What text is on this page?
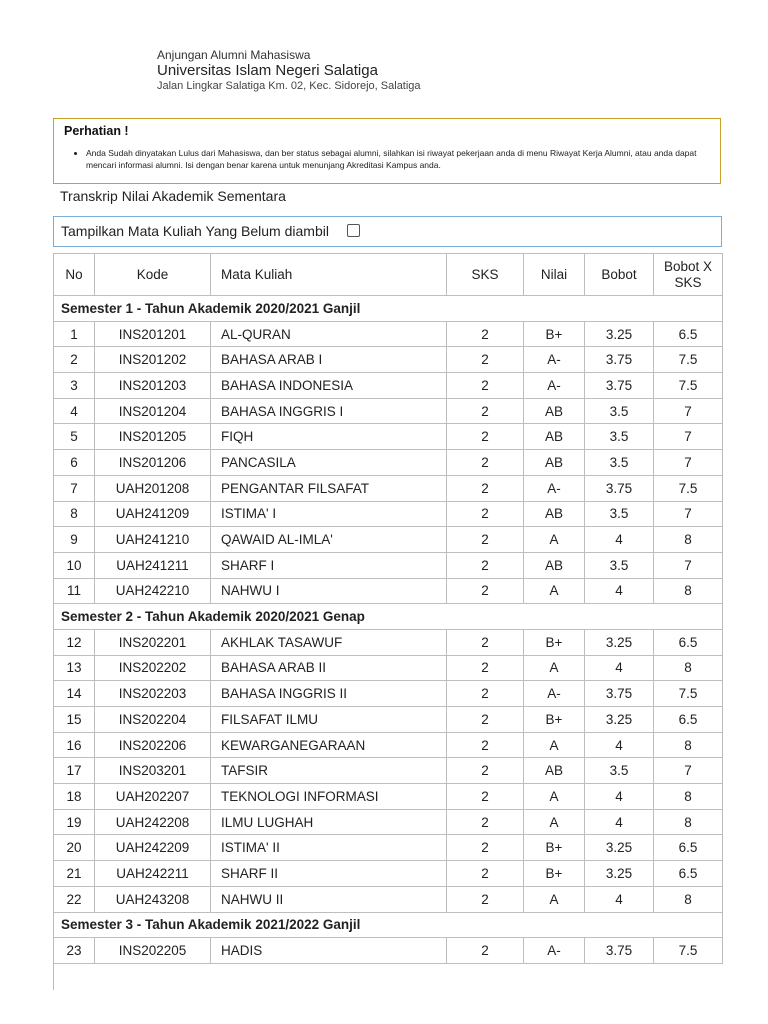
Anjungan Alumni Mahasiswa
Universitas Islam Negeri Salatiga
Jalan Lingkar Salatiga Km. 02, Kec. Sidorejo, Salatiga
Perhatian !
• Anda Sudah dinyatakan Lulus dari Mahasiswa, dan ber status sebagai alumni, silahkan isi riwayat pekerjaan anda di menu Riwayat Kerja Alumni, atau anda dapat mencari informasi alumni. Isi dengan benar karena untuk menunjang Akreditasi Kampus anda.
Transkrip Nilai Akademik Sementara
Tampilkan Mata Kuliah Yang Belum diambil
No	Kode	Mata Kuliah	SKS	Nilai	Bobot	Bobot X SKS
Semester 1 - Tahun Akademik 2020/2021 Ganjil						
1	INS201201	AL-QURAN	2	B+	3.25	6.5
2	INS201202	BAHASA ARAB I	2	A-	3.75	7.5
3	INS201203	BAHASA INDONESIA	2	A-	3.75	7.5
4	INS201204	BAHASA INGGRIS I	2	AB	3.5	7
5	INS201205	FIQH	2	AB	3.5	7
6	INS201206	PANCASILA	2	AB	3.5	7
7	UAH201208	PENGANTAR FILSAFAT	2	A-	3.75	7.5
8	UAH241209	ISTIMA' I	2	AB	3.5	7
9	UAH241210	QAWAID AL-IMLA'	2	A	4	8
10	UAH241211	SHARF I	2	AB	3.5	7
11	UAH242210	NAHWU I	2	A	4	8
Semester 2 - Tahun Akademik 2020/2021 Genap						
12	INS202201	AKHLAK TASAWUF	2	B+	3.25	6.5
13	INS202202	BAHASA ARAB II	2	A	4	8
14	INS202203	BAHASA INGGRIS II	2	A-	3.75	7.5
15	INS202204	FILSAFAT ILMU	2	B+	3.25	6.5
16	INS202206	KEWARGANEGARAAN	2	A	4	8
17	INS203201	TAFSIR	2	AB	3.5	7
18	UAH202207	TEKNOLOGI INFORMASI	2	A	4	8
19	UAH242208	ILMU LUGHAH	2	A	4	8
20	UAH242209	ISTIMA' II	2	B+	3.25	6.5
21	UAH242211	SHARF II	2	B+	3.25	6.5
22	UAH243208	NAHWU II	2	A	4	8
Semester 3 - Tahun Akademik 2021/2022 Ganjil						
23	INS202205	HADIS	2	A-	3.75	7.5
